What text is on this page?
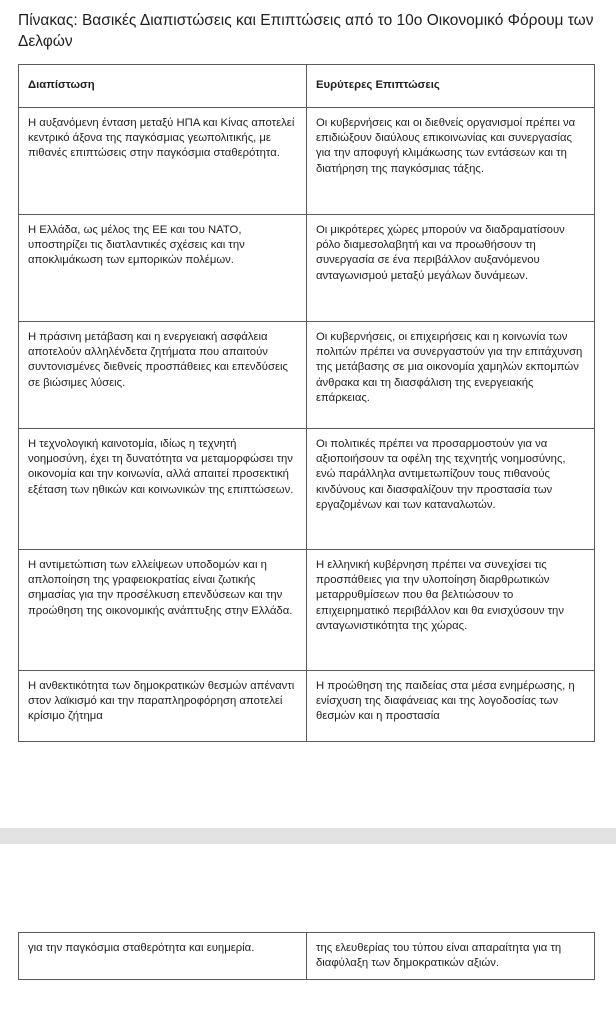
Πίνακας: Βασικές Διαπιστώσεις και Επιπτώσεις από το 10ο Οικονομικό Φόρουμ των Δελφών
Διαπίστωση	Ευρύτερες Επιπτώσεις
Η αυξανόμενη ένταση μεταξύ ΗΠΑ και Κίνας αποτελεί κεντρικό άξονα της παγκόσμιας γεωπολιτικής, με πιθανές επιπτώσεις στην παγκόσμια σταθερότητα.	Οι κυβερνήσεις και οι διεθνείς οργανισμοί πρέπει να επιδιώξουν διαύλους επικοινωνίας και συνεργασίας για την αποφυγή κλιμάκωσης των εντάσεων και τη διατήρηση της παγκόσμιας τάξης.
Η Ελλάδα, ως μέλος της ΕΕ και του ΝΑΤΟ, υποστηρίζει τις διατλαντικές σχέσεις και την αποκλιμάκωση των εμπορικών πολέμων.	Οι μικρότερες χώρες μπορούν να διαδραματίσουν ρόλο διαμεσολαβητή και να προωθήσουν τη συνεργασία σε ένα περιβάλλον αυξανόμενου ανταγωνισμού μεταξύ μεγάλων δυνάμεων.
Η πράσινη μετάβαση και η ενεργειακή ασφάλεια αποτελούν αλληλένδετα ζητήματα που απαιτούν συντονισμένες διεθνείς προσπάθειες και επενδύσεις σε βιώσιμες λύσεις.	Οι κυβερνήσεις, οι επιχειρήσεις και η κοινωνία των πολιτών πρέπει να συνεργαστούν για την επιτάχυνση της μετάβασης σε μια οικονομία χαμηλών εκπομπών άνθρακα και τη διασφάλιση της ενεργειακής επάρκειας.
Η τεχνολογική καινοτομία, ιδίως η τεχνητή νοημοσύνη, έχει τη δυνατότητα να μεταμορφώσει την οικονομία και την κοινωνία, αλλά απαιτεί προσεκτική εξέταση των ηθικών και κοινωνικών της επιπτώσεων.	Οι πολιτικές πρέπει να προσαρμοστούν για να αξιοποιήσουν τα οφέλη της τεχνητής νοημοσύνης, ενώ παράλληλα αντιμετωπίζουν τους πιθανούς κινδύνους και διασφαλίζουν την προστασία των εργαζομένων και των καταναλωτών.
Η αντιμετώπιση των ελλείψεων υποδομών και η απλοποίηση της γραφειοκρατίας είναι ζωτικής σημασίας για την προσέλκυση επενδύσεων και την προώθηση της οικονομικής ανάπτυξης στην Ελλάδα.	Η ελληνική κυβέρνηση πρέπει να συνεχίσει τις προσπάθειες για την υλοποίηση διαρθρωτικών μεταρρυθμίσεων που θα βελτιώσουν το επιχειρηματικό περιβάλλον και θα ενισχύσουν την ανταγωνιστικότητα της χώρας.

Η ανθεκτικότητα των δημοκρατικών θεσμών απέναντι στον λαϊκισμό και την παραπληροφόρηση αποτελεί κρίσιμο ζήτημα	Η προώθηση της παιδείας στα μέσα ενημέρωσης, η ενίσχυση της διαφάνειας και της λογοδοσίας των θεσμών και η προστασία
για την παγκόσμια σταθερότητα και ευημερία.	της ελευθερίας του τύπου είναι απαραίτητα για τη διαφύλαξη των δημοκρατικών αξιών.
